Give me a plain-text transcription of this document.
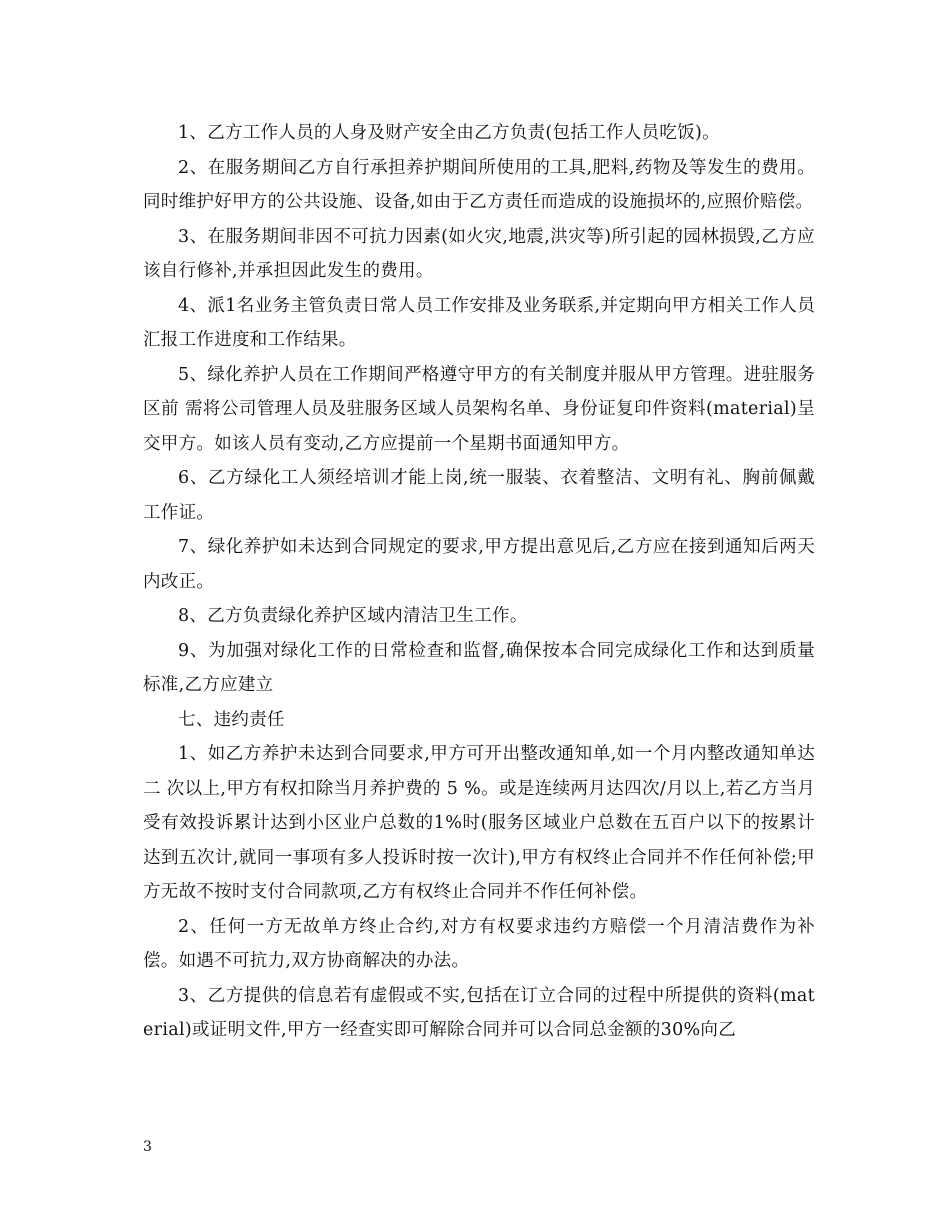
1、乙方工作人员的人身及财产安全由乙方负责(包括工作人员吃饭)。

2、在服务期间乙方自行承担养护期间所使用的工具,肥料,药物及等发生的费用。同时维护好甲方的公共设施、设备,如由于乙方责任而造成的设施损坏的,应照价赔偿。

3、在服务期间非因不可抗力因素(如火灾,地震,洪灾等)所引起的园林损毁,乙方应该自行修补,并承担因此发生的费用。

4、派1名业务主管负责日常人员工作安排及业务联系,并定期向甲方相关工作人员汇报工作进度和工作结果。

5、绿化养护人员在工作期间严格遵守甲方的有关制度并服从甲方管理。进驻服务区前 需将公司管理人员及驻服务区域人员架构名单、身份证复印件资料(material)呈交甲方。如该人员有变动,乙方应提前一个星期书面通知甲方。

6、乙方绿化工人须经培训才能上岗,统一服装、衣着整洁、文明有礼、胸前佩戴工作证。

7、绿化养护如未达到合同规定的要求,甲方提出意见后,乙方应在接到通知后两天内改正。

8、乙方负责绿化养护区域内清洁卫生工作。

9、为加强对绿化工作的日常检查和监督,确保按本合同完成绿化工作和达到质量标准,乙方应建立

七、违约责任

1、如乙方养护未达到合同要求,甲方可开出整改通知单,如一个月内整改通知单达 二 次以上,甲方有权扣除当月养护费的 5 %。或是连续两月达四次/月以上,若乙方当月受有效投诉累计达到小区业户总数的1%时(服务区域业户总数在五百户以下的按累计达到五次计,就同一事项有多人投诉时按一次计),甲方有权终止合同并不作任何补偿;甲方无故不按时支付合同款项,乙方有权终止合同并不作任何补偿。

2、任何一方无故单方终止合约,对方有权要求违约方赔偿一个月清洁费作为补偿。如遇不可抗力,双方协商解决的办法。

3、乙方提供的信息若有虚假或不实,包括在订立合同的过程中所提供的资料(material)或证明文件,甲方一经查实即可解除合同并可以合同总金额的30%向乙

3
